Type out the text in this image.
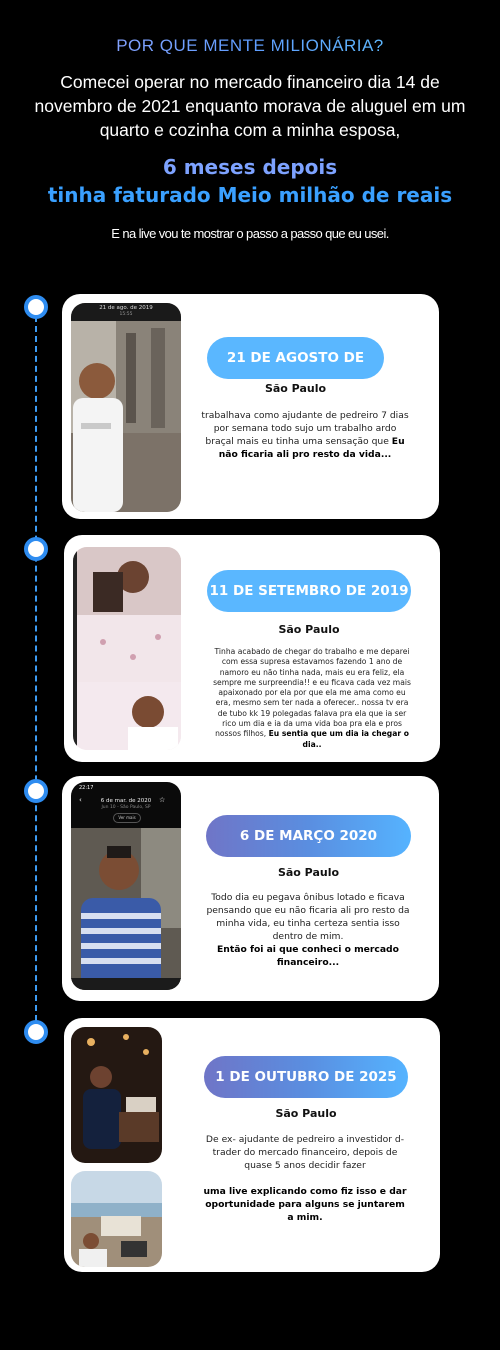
POR QUE MENTE MILIONÁRIA?
Comecei operar no mercado financeiro dia 14 de novembro de 2021 enquanto morava de aluguel em um quarto e cozinha com a minha esposa,
6 meses depois
tinha faturado Meio milhão de reais
E na live vou te mostrar o passo a passo que eu usei.
21 de ago. de 2019
15:55
21 DE AGOSTO DE 2019
São Paulo
trabalhava como ajudante de pedreiro 7 dias por semana todo sujo um trabalho ardo braçal mais eu tinha uma sensação que Eu não ficaria ali pro resto da vida...
11 DE SETEMBRO DE 2019
São Paulo
Tinha acabado de chegar do trabalho e me deparei com essa supresa estavamos fazendo 1 ano de namoro eu não tinha nada, mais eu era feliz, ela sempre me surpreendia!! e eu ficava cada vez mais apaixonado por ela por que ela me ama como eu era, mesmo sem ter nada a oferecer.. nossa tv era de tubo kk 19 polegadas falava pra ela que ia ser rico um dia e ia da uma vida boa pra ela e pros nossos filhos, Eu sentia que um dia ia chegar o dia..
22:17
‹	6 de mar. de 2020
Jun 10 - São Paulo, SP
☆
Ver mais
6 DE MARÇO 2020
São Paulo
Todo dia eu pegava ônibus lotado e ficava pensando que eu não ficaria ali pro resto da minha vida, eu tinha certeza sentia isso dentro de mim.
Então foi ai que conheci o mercado financeiro...
1 DE OUTUBRO DE 2025
São Paulo
De ex- ajudante de pedreiro a investidor d-trader do mercado financeiro, depois de quase 5 anos decidir fazer
uma live explicando como fiz isso e dar oportunidade para alguns se juntarem a mim.
